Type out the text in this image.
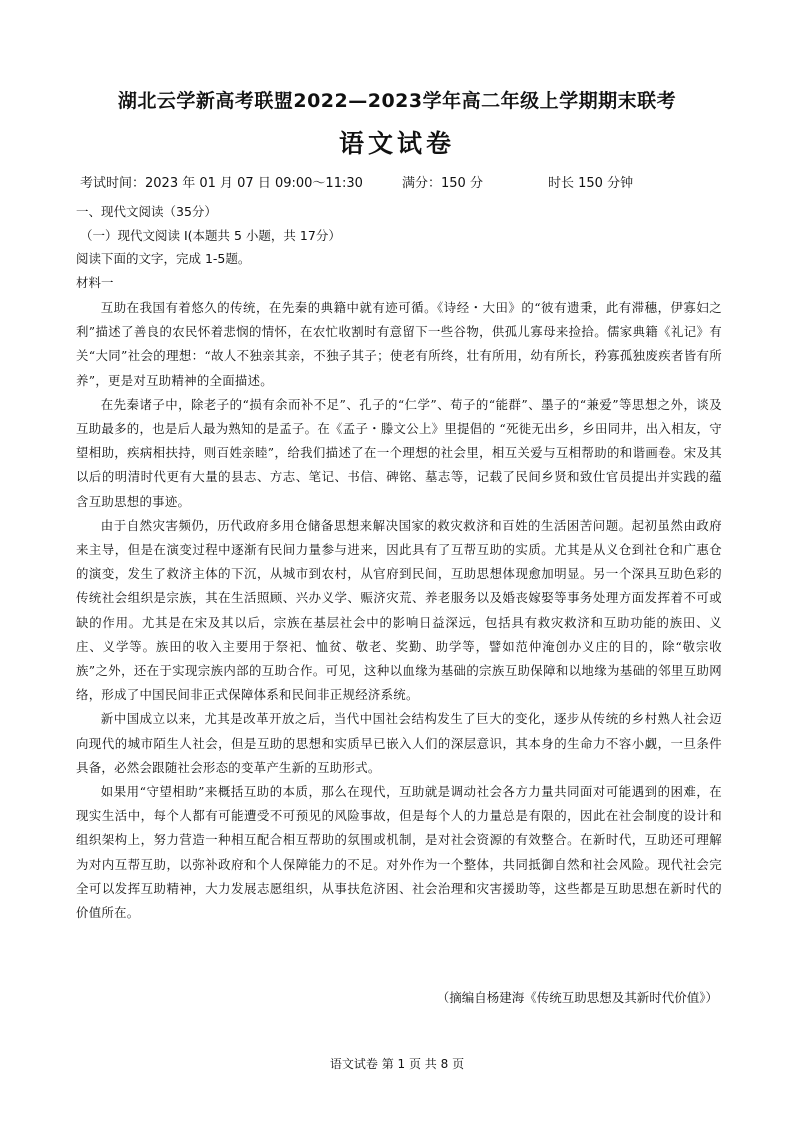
湖北云学新高考联盟2022—2023学年高二年级上学期期末联考
语文试卷
考试时间：2023 年 01 月 07 日 09:00～11:30	满分：150 分	时长 150 分钟
一、现代文阅读（35分）
（一）现代文阅读 I(本题共 5 小题，共 17分）
阅读下面的文字，完成 1-5题。
材料一

互助在我国有着悠久的传统，在先秦的典籍中就有迹可循。《诗经・大田》的“彼有遗秉，此有滞穗，伊寡妇之利”描述了善良的农民怀着悲悯的情怀，在农忙收割时有意留下一些谷物，供孤儿寡母来捡拾。儒家典籍《礼记》有关“大同”社会的理想：“故人不独亲其亲，不独子其子；使老有所终，壮有所用，幼有所长，矜寡孤独废疾者皆有所养”，更是对互助精神的全面描述。

在先秦诸子中，除老子的“损有余而补不足”、孔子的“仁学”、荀子的“能群”、墨子的“兼爱”等思想之外，谈及互助最多的，也是后人最为熟知的是孟子。在《孟子・滕文公上》里提倡的 “死徙无出乡，乡田同井，出入相友，守望相助，疾病相扶持，则百姓亲睦”，给我们描述了在一个理想的社会里，相互关爱与互相帮助的和谐画卷。宋及其以后的明清时代更有大量的县志、方志、笔记、书信、碑铭、墓志等，记载了民间乡贤和致仕官员提出并实践的蕴含互助思想的事迹。

由于自然灾害频仍，历代政府多用仓储备思想来解决国家的救灾救济和百姓的生活困苦问题。起初虽然由政府来主导，但是在演变过程中逐渐有民间力量参与进来，因此具有了互帮互助的实质。尤其是从义仓到社仓和广惠仓的演变，发生了救济主体的下沉，从城市到农村，从官府到民间，互助思想体现愈加明显。另一个深具互助色彩的传统社会组织是宗族，其在生活照顾、兴办义学、赈济灾荒、养老服务以及婚丧嫁娶等事务处理方面发挥着不可或缺的作用。尤其是在宋及其以后，宗族在基层社会中的影响日益深远，包括具有救灾救济和互助功能的族田、义庄、义学等。族田的收入主要用于祭祀、恤贫、敬老、奖勤、助学等，譬如范仲淹创办义庄的目的，除“敬宗收族”之外，还在于实现宗族内部的互助合作。可见，这种以血缘为基础的宗族互助保障和以地缘为基础的邻里互助网络，形成了中国民间非正式保障体系和民间非正规经济系统。

新中国成立以来，尤其是改革开放之后，当代中国社会结构发生了巨大的变化，逐步从传统的乡村熟人社会迈向现代的城市陌生人社会，但是互助的思想和实质早已嵌入人们的深层意识，其本身的生命力不容小觑，一旦条件具备，必然会跟随社会形态的变革产生新的互助形式。

如果用“守望相助”来概括互助的本质，那么在现代，互助就是调动社会各方力量共同面对可能遇到的困难，在现实生活中，每个人都有可能遭受不可预见的风险事故，但是每个人的力量总是有限的，因此在社会制度的设计和组织架构上，努力营造一种相互配合相互帮助的氛围或机制，是对社会资源的有效整合。在新时代，互助还可理解为对内互帮互助，以弥补政府和个人保障能力的不足。对外作为一个整体，共同抵御自然和社会风险。现代社会完全可以发挥互助精神，大力发展志愿组织，从事扶危济困、社会治理和灾害援助等，这些都是互助思想在新时代的价值所在。

（摘编自杨建海《传统互助思想及其新时代价值》）
语文试卷 第 1 页 共 8 页
